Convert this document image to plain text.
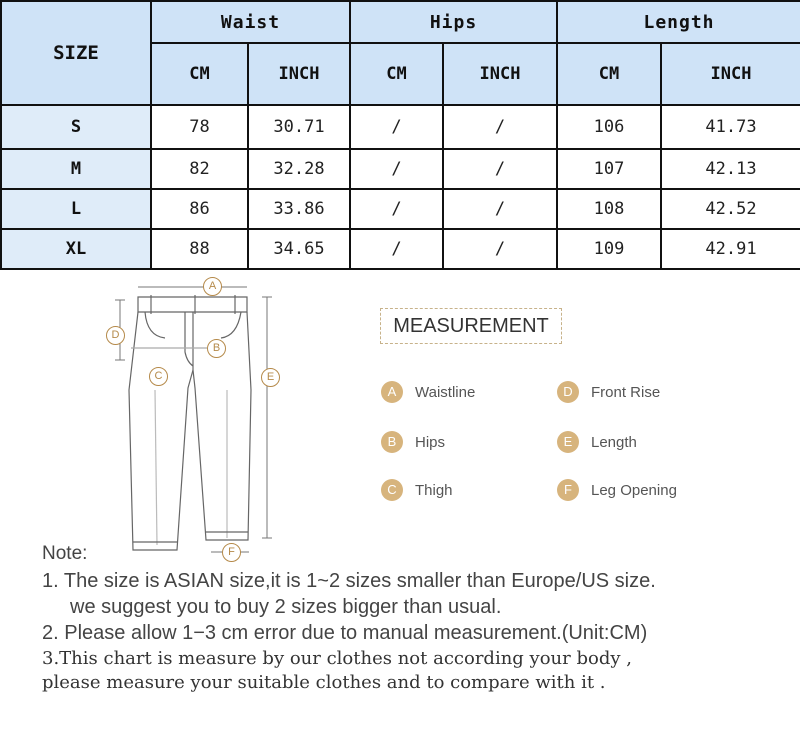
SIZE	Waist		Hips		Length	
	CM	INCH	CM	INCH	CM	INCH
S	78	30.71	/	/	106	41.73
M	82	32.28	/	/	107	42.13
L	86	33.86	/	/	108	42.52
XL	88	34.65	/	/	109	42.91
A
B
C
D
E
F
MEASUREMENT
A	Waistline
B	Hips
C	Thigh
D	Front Rise
E	Length
F	Leg Opening
Note:
1. The size is ASIAN size,it is 1~2 sizes smaller than Europe/US size.
we suggest you to buy 2 sizes bigger than usual.
2. Please allow 1−3 cm error due to manual measurement.(Unit:CM)
3.This chart is measure by our clothes not according your body ,
please measure your suitable clothes and to compare with it .
